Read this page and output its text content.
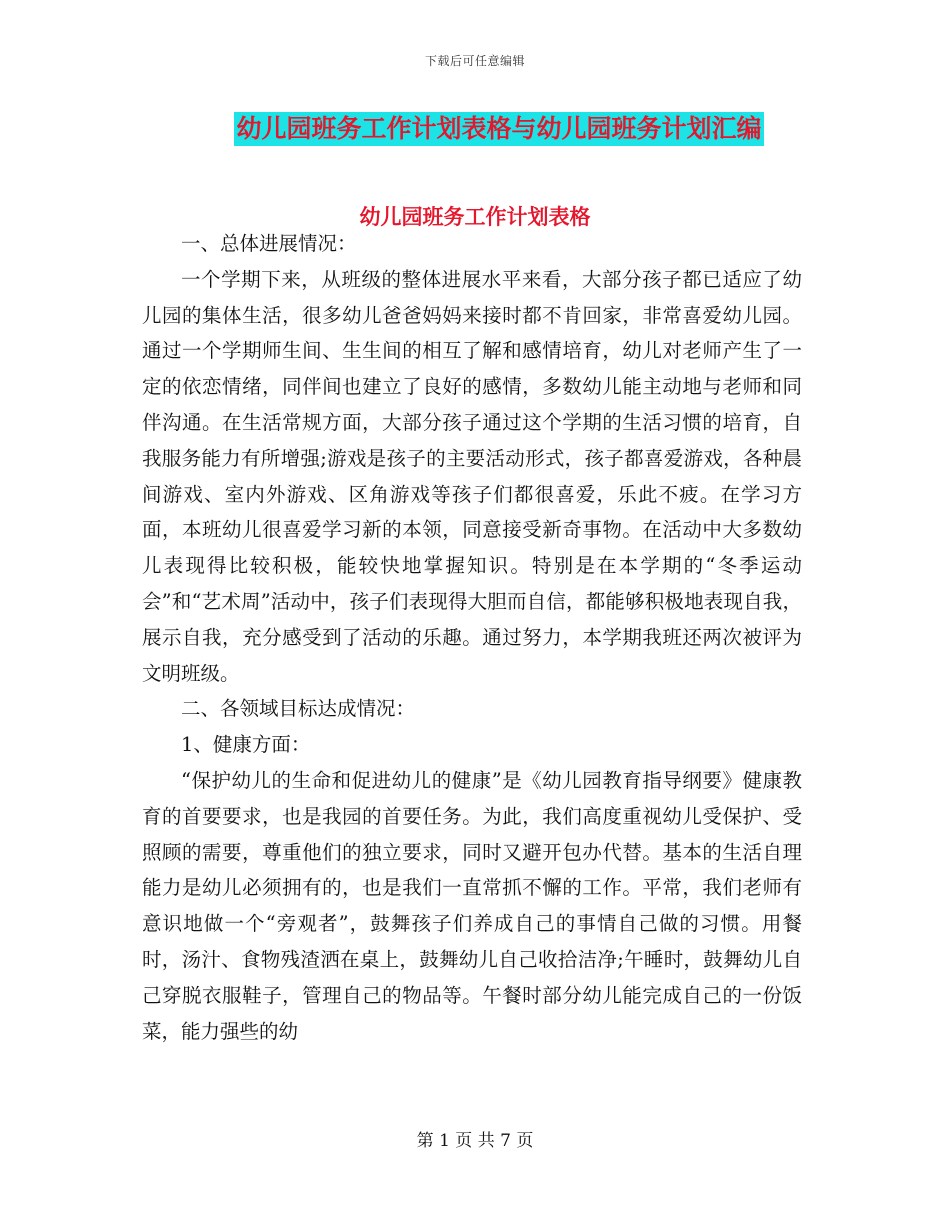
下载后可任意编辑
幼儿园班务工作计划表格与幼儿园班务计划汇编
幼儿园班务工作计划表格

一、总体进展情况：

一个学期下来，从班级的整体进展水平来看，大部分孩子都已适应了幼儿园的集体生活，很多幼儿爸爸妈妈来接时都不肯回家，非常喜爱幼儿园。通过一个学期师生间、生生间的相互了解和感情培育，幼儿对老师产生了一定的依恋情绪，同伴间也建立了良好的感情，多数幼儿能主动地与老师和同伴沟通。在生活常规方面，大部分孩子通过这个学期的生活习惯的培育，自我服务能力有所增强;游戏是孩子的主要活动形式，孩子都喜爱游戏，各种晨间游戏、室内外游戏、区角游戏等孩子们都很喜爱，乐此不疲。在学习方面，本班幼儿很喜爱学习新的本领，同意接受新奇事物。在活动中大多数幼儿表现得比较积极，能较快地掌握知识。特别是在本学期的“冬季运动会”和“艺术周”活动中，孩子们表现得大胆而自信，都能够积极地表现自我，展示自我，充分感受到了活动的乐趣。通过努力，本学期我班还两次被评为文明班级。

二、各领域目标达成情况：

1、健康方面：

“保护幼儿的生命和促进幼儿的健康”是《幼儿园教育指导纲要》健康教育的首要要求，也是我园的首要任务。为此，我们高度重视幼儿受保护、受照顾的需要，尊重他们的独立要求，同时又避开包办代替。基本的生活自理能力是幼儿必须拥有的，也是我们一直常抓不懈的工作。平常，我们老师有意识地做一个“旁观者”，鼓舞孩子们养成自己的事情自己做的习惯。用餐时，汤汁、食物残渣洒在桌上，鼓舞幼儿自己收拾洁净;午睡时，鼓舞幼儿自己穿脱衣服鞋子，管理自己的物品等。午餐时部分幼儿能完成自己的一份饭菜，能力强些的幼

第 1 页 共 7 页
